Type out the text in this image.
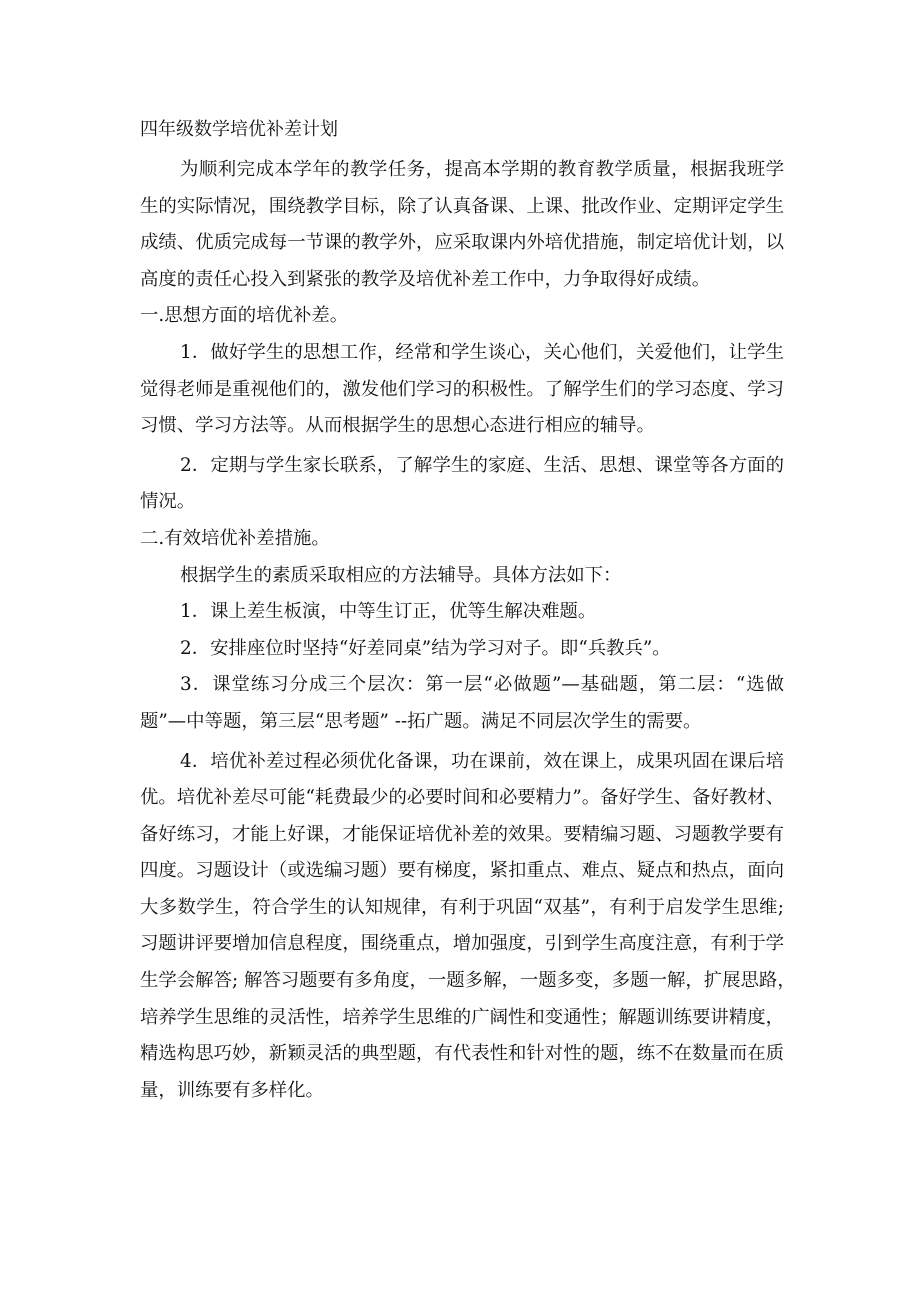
四年级数学培优补差计划

为顺利完成本学年的教学任务，提高本学期的教育教学质量，根据我班学

生的实际情况，围绕教学目标，除了认真备课、上课、批改作业、定期评定学生

成绩、优质完成每一节课的教学外，应采取课内外培优措施，制定培优计划，以

高度的责任心投入到紧张的教学及培优补差工作中，力争取得好成绩。

一.思想方面的培优补差。

1．做好学生的思想工作，经常和学生谈心，关心他们，关爱他们，让学生

觉得老师是重视他们的，激发他们学习的积极性。了解学生们的学习态度、学习

习惯、学习方法等。从而根据学生的思想心态进行相应的辅导。

2．定期与学生家长联系，了解学生的家庭、生活、思想、课堂等各方面的

情况。

二.有效培优补差措施。

根据学生的素质采取相应的方法辅导。具体方法如下：

1．课上差生板演，中等生订正，优等生解决难题。

2．安排座位时坚持“好差同桌”结为学习对子。即“兵教兵”。

3．课堂练习分成三个层次：第一层“必做题”—基础题，第二层：“选做

题”—中等题，第三层“思考题” --拓广题。满足不同层次学生的需要。

4．培优补差过程必须优化备课，功在课前，效在课上，成果巩固在课后培

优。培优补差尽可能“耗费最少的必要时间和必要精力”。备好学生、备好教材、

备好练习，才能上好课，才能保证培优补差的效果。要精编习题、习题教学要有

四度。习题设计（或选编习题）要有梯度，紧扣重点、难点、疑点和热点，面向

大多数学生，符合学生的认知规律，有利于巩固“双基”，有利于启发学生思维;

习题讲评要增加信息程度，围绕重点，增加强度，引到学生高度注意，有利于学

生学会解答; 解答习题要有多角度，一题多解，一题多变，多题一解，扩展思路，

培养学生思维的灵活性，培养学生思维的广阔性和变通性；解题训练要讲精度，

精选构思巧妙，新颖灵活的典型题，有代表性和针对性的题，练不在数量而在质

量，训练要有多样化。
